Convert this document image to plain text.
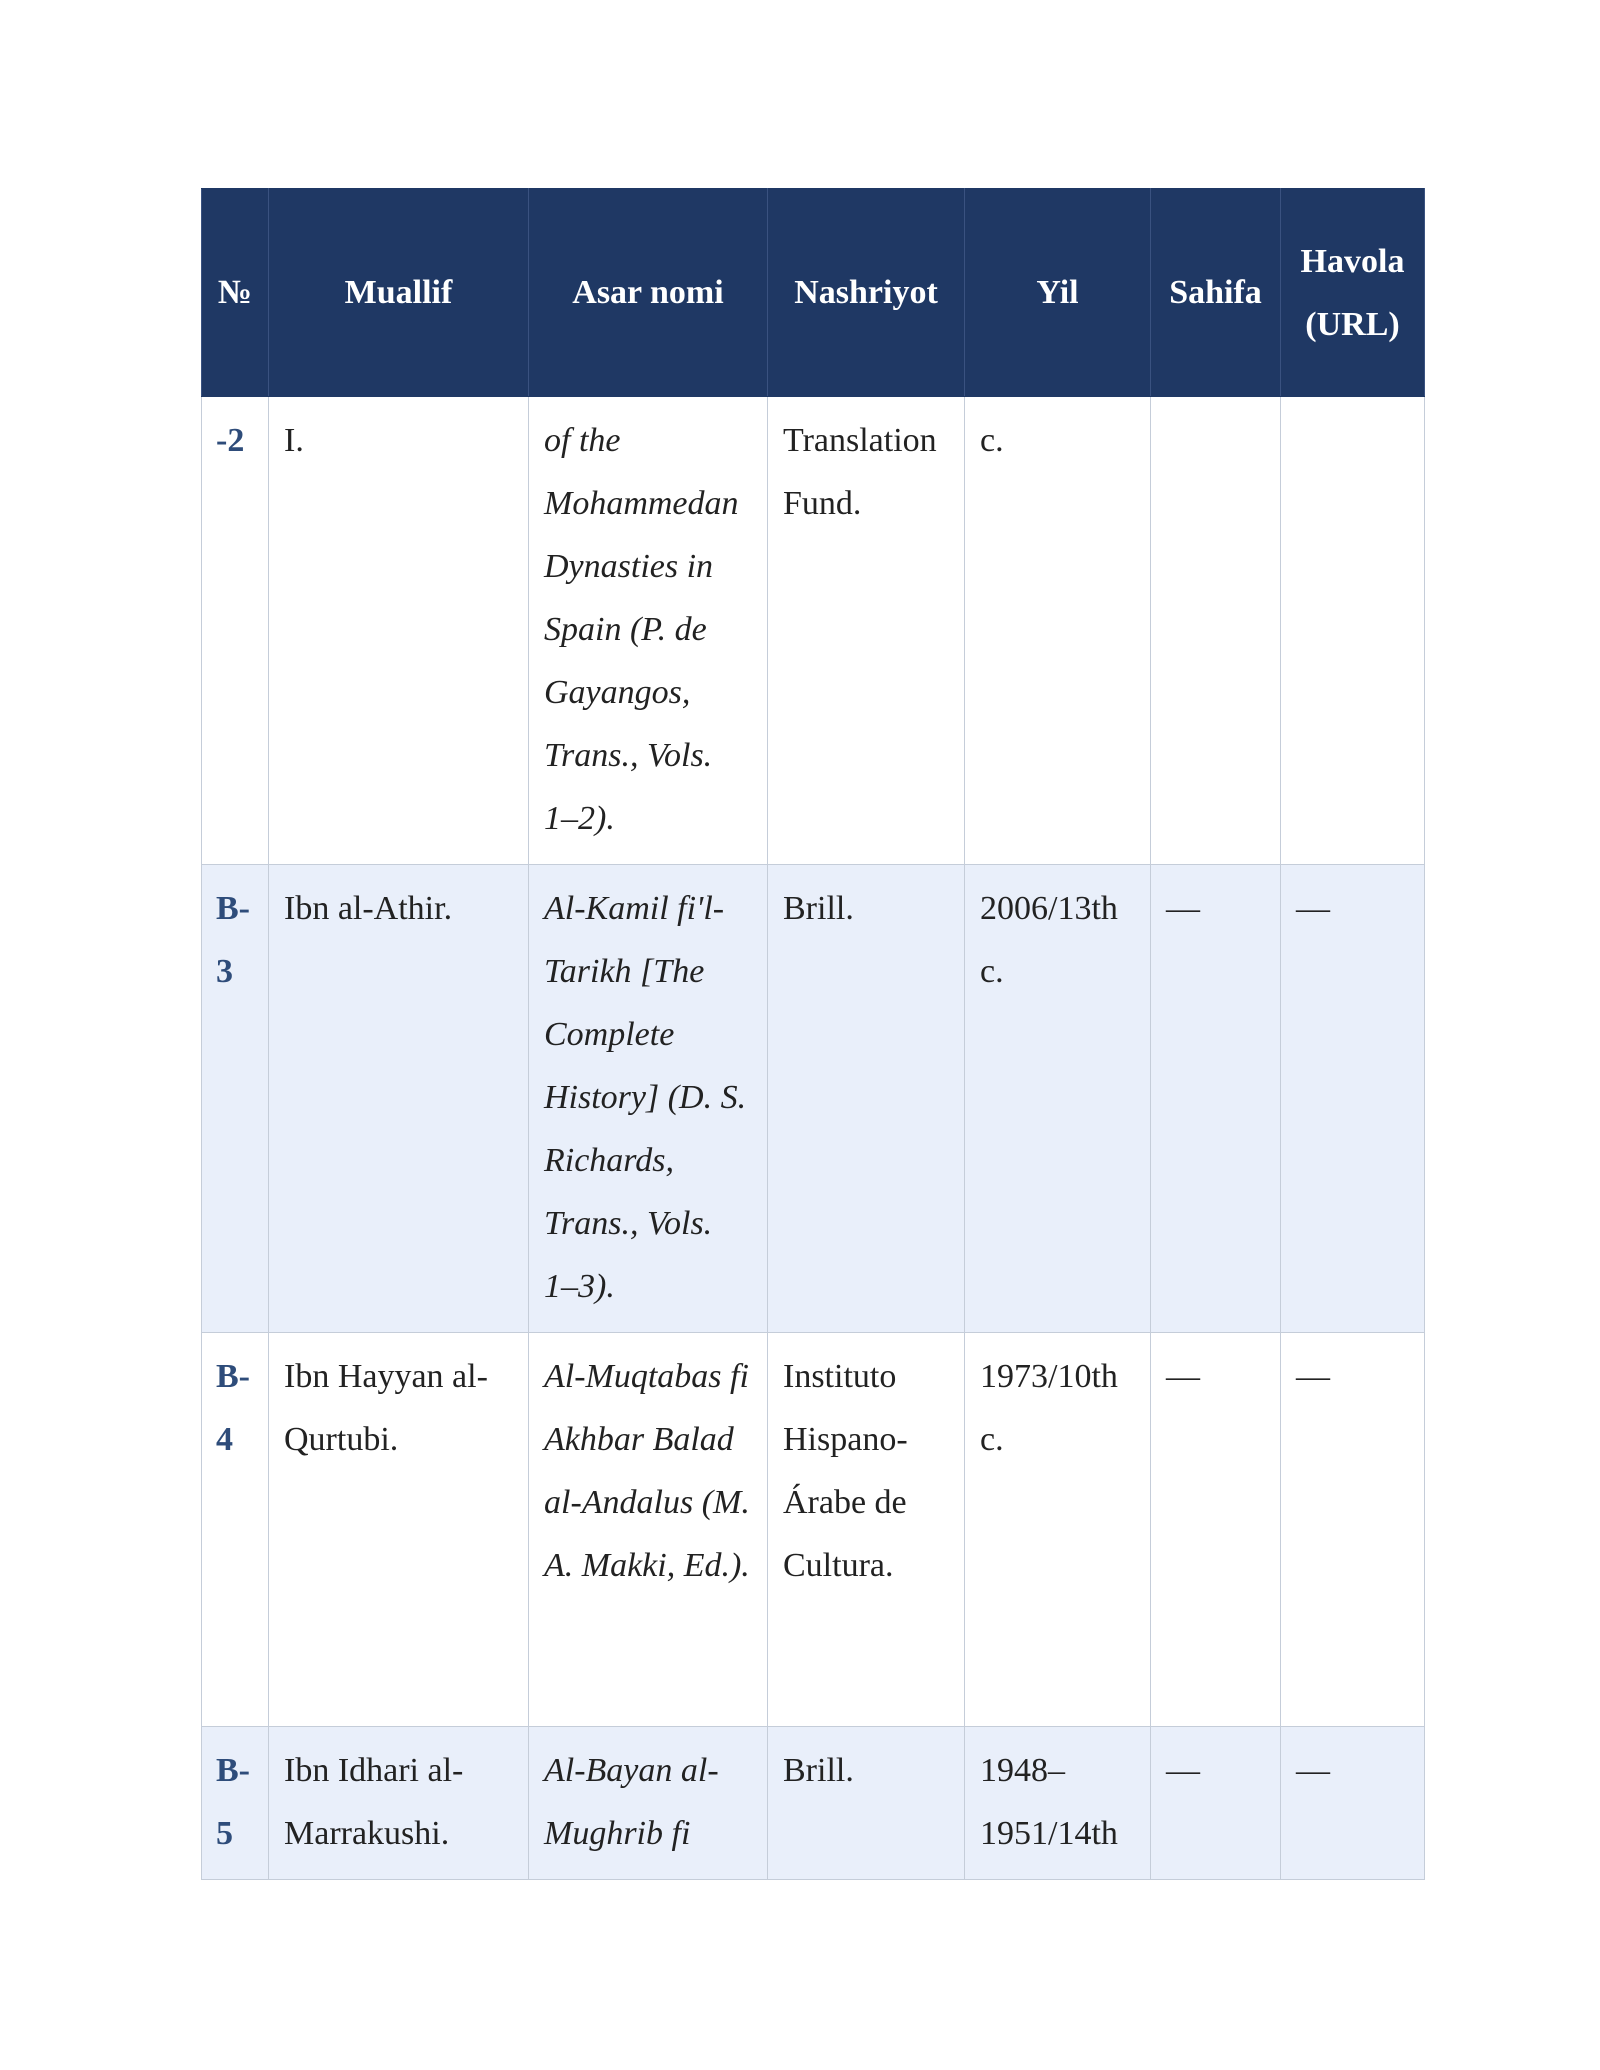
№	Muallif	Asar nomi	Nashriyot	Yil	Sahifa	Havola (URL)
-2	I.	of the Mohammedan Dynasties in Spain (P. de Gayangos, Trans., Vols. 1–2).	Translation Fund.	c.		
B-3	Ibn al-Athir.	Al-Kamil fi'l-Tarikh [The Complete History] (D. S. Richards, Trans., Vols. 1–3).	Brill.	2006/13th c.	—	—
B-4	Ibn Hayyan al-Qurtubi.	Al-Muqtabas fi Akhbar Balad al-Andalus (M. A. Makki, Ed.).	Instituto Hispano-Árabe de Cultura.	1973/10th c.	—	—
B-5	Ibn Idhari al-Marrakushi.	Al-Bayan al-Mughrib fi	Brill.	1948–1951/14th	—	—
